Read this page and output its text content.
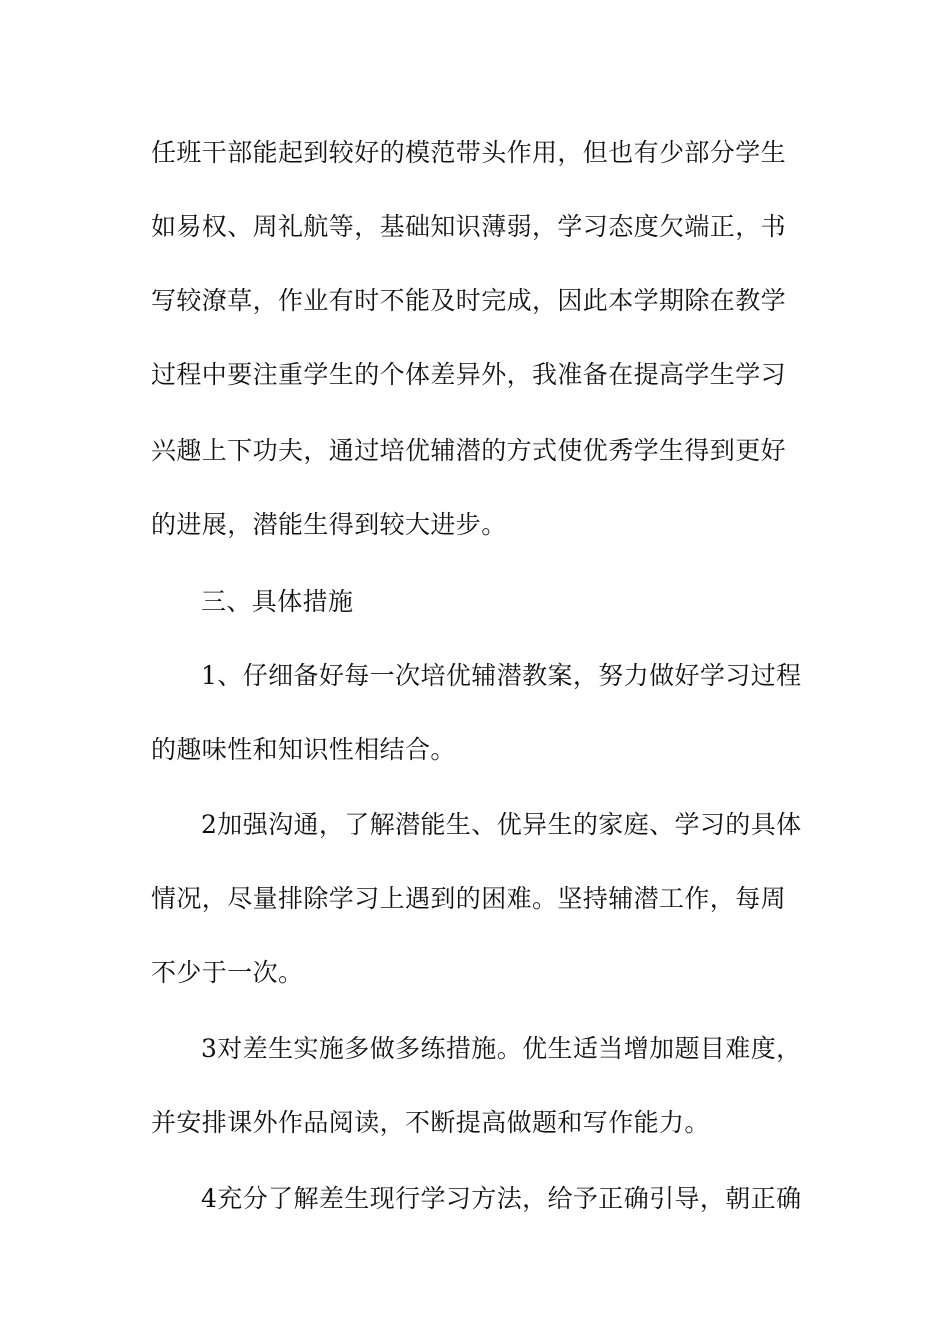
任班干部能起到较好的模范带头作用，但也有少部分学生
如易权、周礼航等，基础知识薄弱，学习态度欠端正，书
写较潦草，作业有时不能及时完成，因此本学期除在教学
过程中要注重学生的个体差异外，我准备在提高学生学习
兴趣上下功夫，通过培优辅潜的方式使优秀学生得到更好
的进展，潜能生得到较大进步。
三、具体措施
1、仔细备好每一次培优辅潜教案，努力做好学习过程
的趣味性和知识性相结合。
2加强沟通，了解潜能生、优异生的家庭、学习的具体
情况，尽量排除学习上遇到的困难。坚持辅潜工作，每周
不少于一次。
3对差生实施多做多练措施。优生适当增加题目难度，
并安排课外作品阅读，不断提高做题和写作能力。
4充分了解差生现行学习方法，给予正确引导，朝正确
